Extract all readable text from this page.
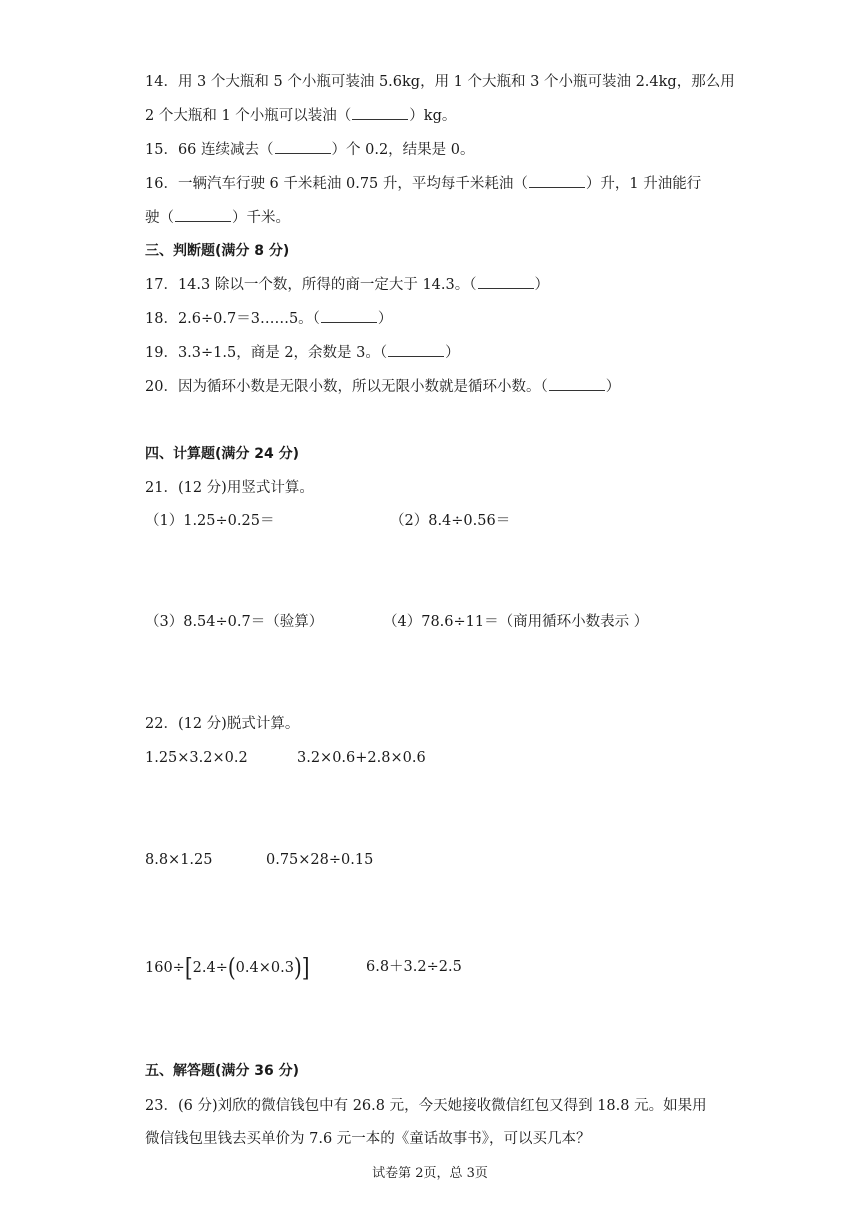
14．用 3 个大瓶和 5 个小瓶可装油 5.6kg，用 1 个大瓶和 3 个小瓶可装油 2.4kg，那么用
2 个大瓶和 1 个小瓶可以装油（	）kg。
15．66 连续减去（	）个 0.2，结果是 0。
16．一辆汽车行驶 6 千米耗油 0.75 升，平均每千米耗油（	）升，1 升油能行
驶（	）千米。
三、判断题(满分 8 分)
17．14.3 除以一个数，所得的商一定大于 14.3。（	）
18．2.6÷0.7＝3……5。（	）
19．3.3÷1.5，商是 2，余数是 3。（	）
20．因为循环小数是无限小数，所以无限小数就是循环小数。（	）
四、计算题(满分 24 分)
21．(12 分)用竖式计算。
（1）1.25÷0.25＝	（2）8.4÷0.56＝
（3）8.54÷0.7＝（验算）	（4）78.6÷11＝（商用循环小数表示 ）
22．(12 分)脱式计算。
1.25×3.2×0.2	3.2×0.6+2.8×0.6
8.8×1.25	0.75×28÷0.15
160÷[2.4÷(0.4×0.3)]	6.8＋3.2÷2.5
五、解答题(满分 36 分)
23．(6 分)刘欣的微信钱包中有 26.8 元，今天她接收微信红包又得到 18.8 元。如果用
微信钱包里钱去买单价为 7.6 元一本的《童话故事书》，可以买几本？
试卷第 2页，总 3页
